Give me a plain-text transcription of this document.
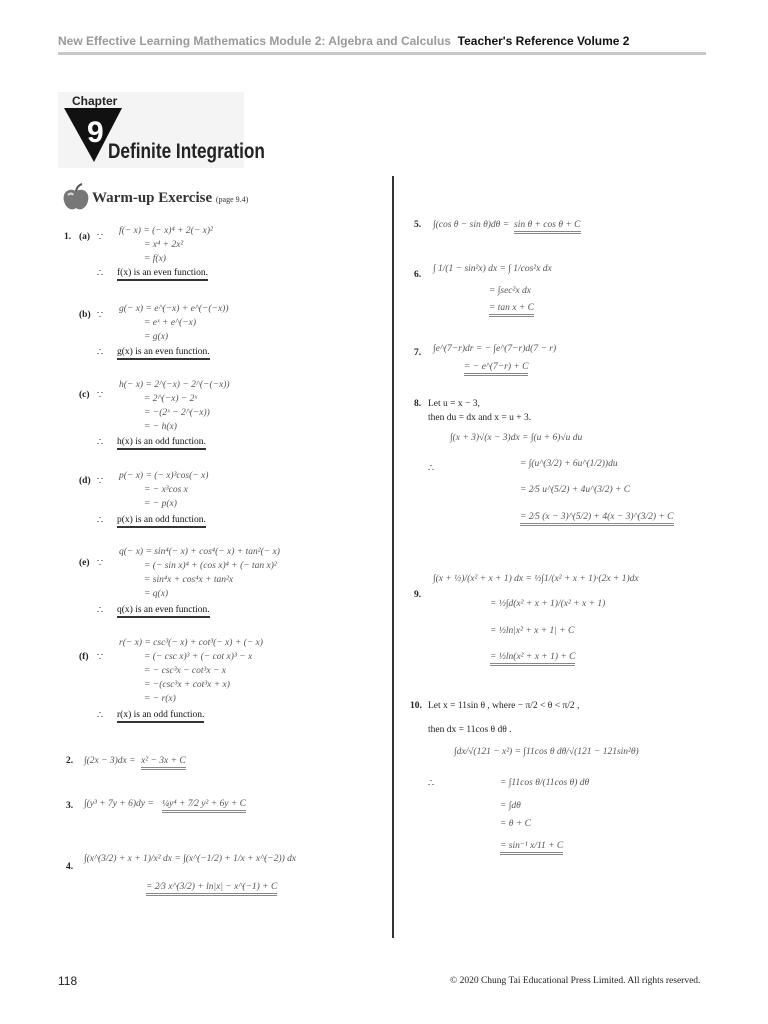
New Effective Learning Mathematics Module 2: Algebra and Calculus Teacher's Reference Volume 2
Chapter
9
Definite Integration
Warm-up Exercise (page 9.4)
1. (a) ∵
f(− x) = (− x)⁴ + 2(− x)²
= x⁴ + 2x²
= f(x)
∴ f(x) is an even function.
(b) ∵
g(− x) = e^(−x) + e^(−(−x))
= eˣ + e^(−x)
= g(x)
∴ g(x) is an even function.
(c) ∵
h(− x) = 2^(−x) − 2^(−(−x))
= 2^(−x) − 2ˣ
= −(2ˣ − 2^(−x))
= − h(x)
∴ h(x) is an odd function.
(d) ∵
p(− x) = (− x)³cos(− x)
= − x³cos x
= − p(x)
∴ p(x) is an odd function.
(e) ∵
q(− x) = sin⁴(− x) + cos⁴(− x) + tan²(− x)
= (− sin x)⁴ + (cos x)⁴ + (− tan x)²
= sin⁴x + cos⁴x + tan²x
= q(x)
∴ q(x) is an even function.
(f) ∵
r(− x) = csc³(− x) + cot³(− x) + (− x)
= (− csc x)³ + (− cot x)³ − x
= − csc³x − cot³x − x
= −(csc³x + cot³x + x)
= − r(x)
∴ r(x) is an odd function.
2. ∫(2x − 3)dx = x² − 3x + C
3. ∫(y³ + 7y + 6)dy = ¼y⁴ + 7⁄2 y² + 6y + C
4.
∫(x^(3/2) + x + 1)/x² dx = ∫(x^(−1/2) + 1/x + x^(−2)) dx
= 2⁄3 x^(3/2) + ln|x| − x^(−1) + C
5. ∫(cos θ − sin θ)dθ = sin θ + cos θ + C
6.
∫ 1/(1 − sin²x) dx = ∫ 1/cos²x dx
= ∫sec²x dx
= tan x + C
7. ∫e^(7−r)dr = − ∫e^(7−r)d(7 − r)
= − e^(7−r) + C
8. Let u = x − 3,
then du = dx and x = u + 3.
∫(x + 3)√(x − 3)dx = ∫(u + 6)√u du
∴	= ∫(u^(3/2) + 6u^(1/2))du
= 2⁄5 u^(5/2) + 4u^(3/2) + C
= 2⁄5 (x − 3)^(5/2) + 4(x − 3)^(3/2) + C
9.
∫(x + ½)/(x² + x + 1) dx = ½∫1/(x² + x + 1)·(2x + 1)dx
= ½∫d(x² + x + 1)/(x² + x + 1)
= ½ln|x² + x + 1| + C
= ½ln(x² + x + 1) + C
10. Let x = 11sin θ , where − π/2 < θ < π/2 ,
then dx = 11cos θ dθ .
∫dx/√(121 − x²) = ∫11cos θ dθ/√(121 − 121sin²θ)
∴	= ∫11cos θ/(11cos θ) dθ
= ∫dθ
= θ + C
= sin⁻¹ x/11 + C
118	© 2020 Chung Tai Educational Press Limited. All rights reserved.
